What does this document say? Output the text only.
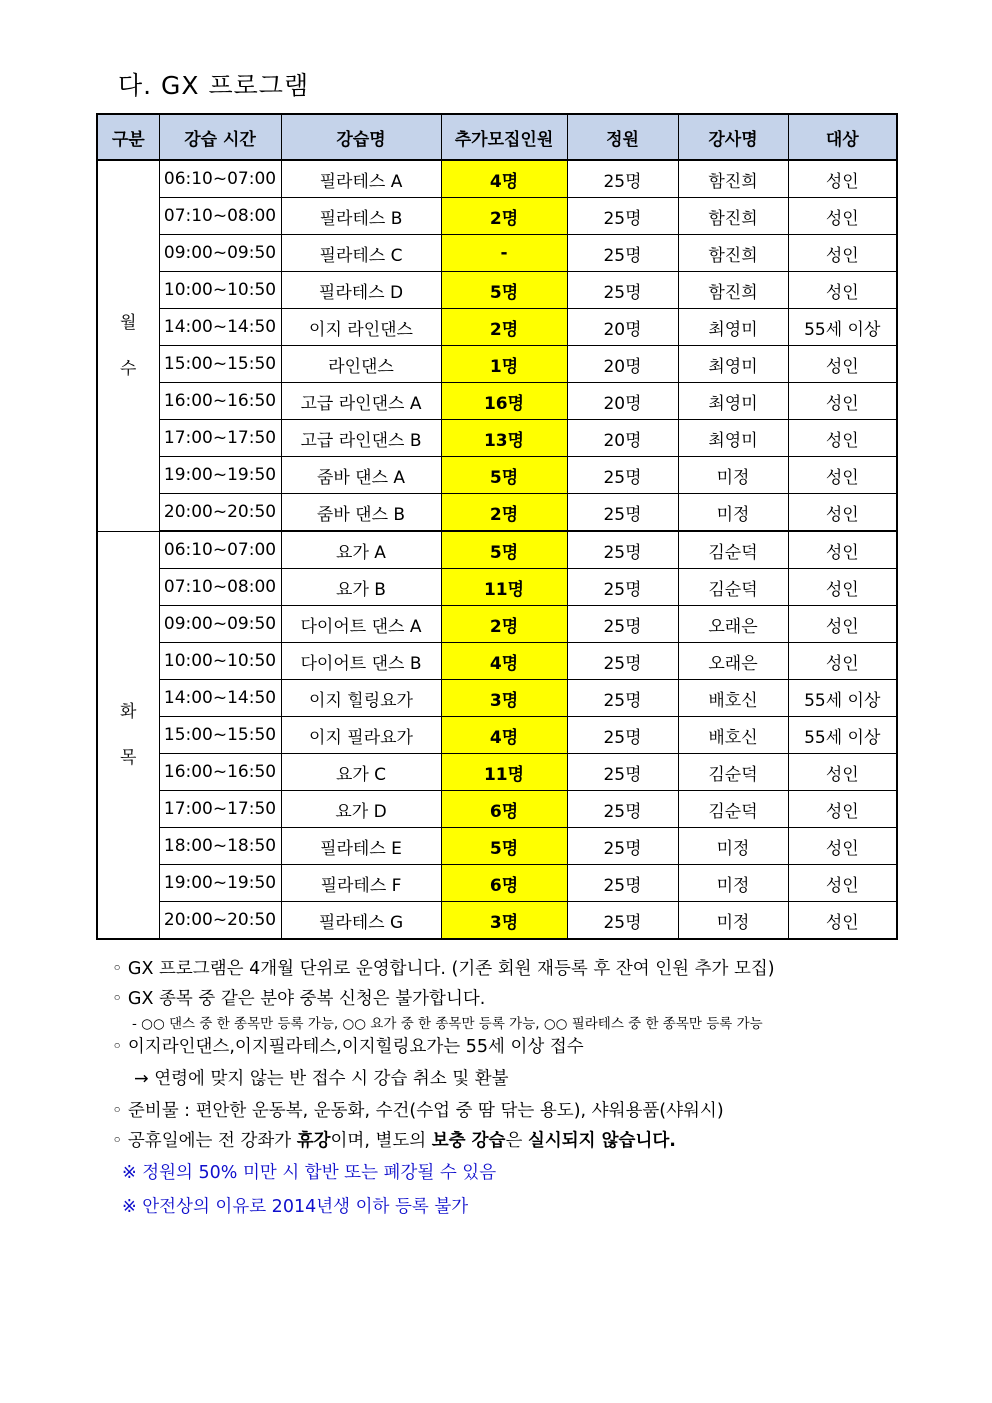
다. GX 프로그램
구분	강습 시간	강습명	추가모집인원	정원	강사명	대상

월
수	06:10~07:00	필라테스 A	4명	25명	함진희	성인
	07:10~08:00	필라테스 B	2명	25명	함진희	성인
	09:00~09:50	필라테스 C	-	25명	함진희	성인
	10:00~10:50	필라테스 D	5명	25명	함진희	성인
	14:00~14:50	이지 라인댄스	2명	20명	최영미	55세 이상
	15:00~15:50	라인댄스	1명	20명	최영미	성인
	16:00~16:50	고급 라인댄스 A	16명	20명	최영미	성인
	17:00~17:50	고급 라인댄스 B	13명	20명	최영미	성인
	19:00~19:50	줌바 댄스 A	5명	25명	미정	성인
	20:00~20:50	줌바 댄스 B	2명	25명	미정	성인

화
목	06:10~07:00	요가 A	5명	25명	김순덕	성인
	07:10~08:00	요가 B	11명	25명	김순덕	성인
	09:00~09:50	다이어트 댄스 A	2명	25명	오래은	성인
	10:00~10:50	다이어트 댄스 B	4명	25명	오래은	성인
	14:00~14:50	이지 힐링요가	3명	25명	배호신	55세 이상
	15:00~15:50	이지 필라요가	4명	25명	배호신	55세 이상
	16:00~16:50	요가 C	11명	25명	김순덕	성인
	17:00~17:50	요가 D	6명	25명	김순덕	성인
	18:00~18:50	필라테스 E	5명	25명	미정	성인
	19:00~19:50	필라테스 F	6명	25명	미정	성인
	20:00~20:50	필라테스 G	3명	25명	미정	성인
◦ GX 프로그램은 4개월 단위로 운영합니다. (기존 회원 재등록 후 잔여 인원 추가 모집)
◦ GX 종목 중 같은 분야 중복 신청은 불가합니다.
- ○○ 댄스 중 한 종목만 등록 가능, ○○ 요가 중 한 종목만 등록 가능, ○○ 필라테스 중 한 종목만 등록 가능
◦ 이지라인댄스,이지필라테스,이지힐링요가는 55세 이상 접수
→ 연령에 맞지 않는 반 접수 시 강습 취소 및 환불
◦ 준비물 : 편안한 운동복, 운동화, 수건(수업 중 땀 닦는 용도), 샤워용품(샤워시)
◦ 공휴일에는 전 강좌가 휴강이며, 별도의 보충 강습은 실시되지 않습니다.
※ 정원의 50% 미만 시 합반 또는 폐강될 수 있음
※ 안전상의 이유로 2014년생 이하 등록 불가
